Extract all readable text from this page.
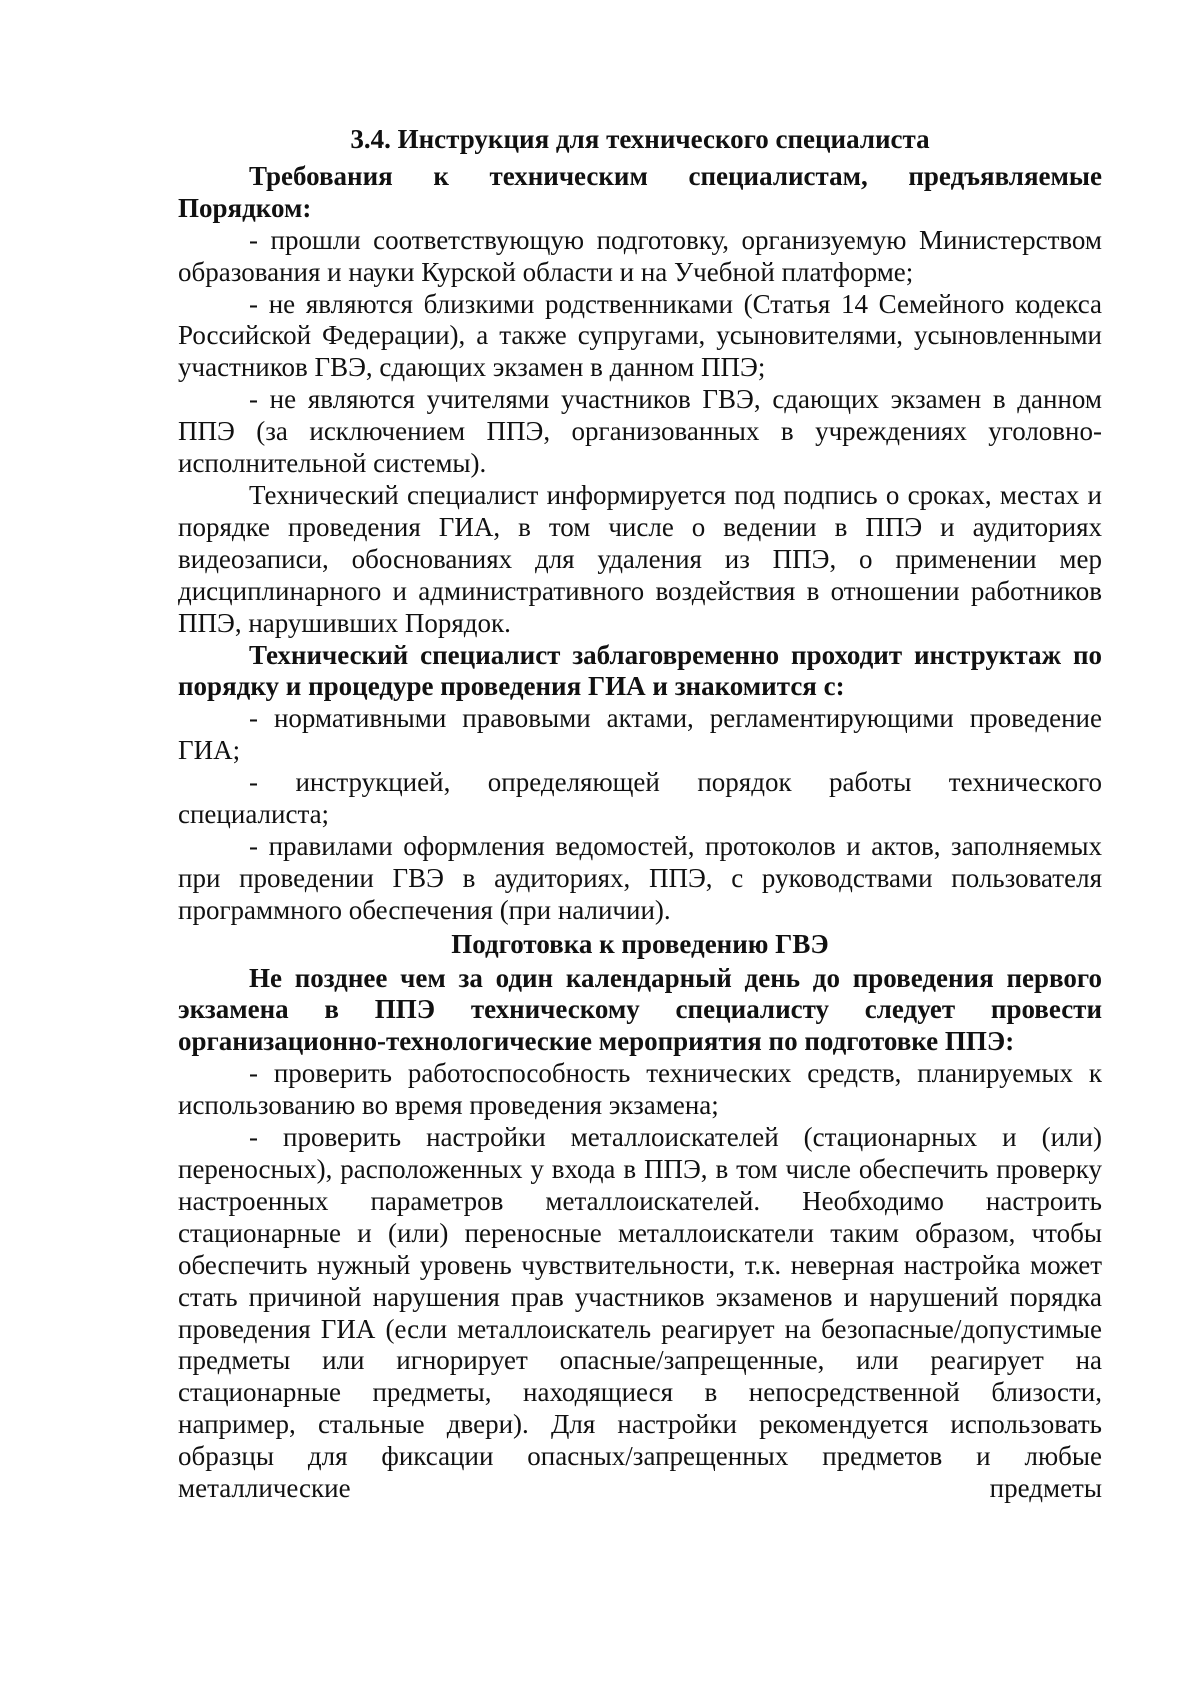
3.4. Инструкция для технического специалиста

Требования к техническим специалистам, предъявляемые Порядком:

- прошли соответствующую подготовку, организуемую Министерством образования и науки Курской области и на Учебной платформе;

- не являются близкими родственниками (Статья 14 Семейного кодекса Российской Федерации), а также супругами, усыновителями, усыновленными участников ГВЭ, сдающих экзамен в данном ППЭ;

- не являются учителями участников ГВЭ, сдающих экзамен в данном ППЭ (за исключением ППЭ, организованных в учреждениях уголовно-исполнительной системы).

Технический специалист информируется под подпись о сроках, местах и порядке проведения ГИА, в том числе о ведении в ППЭ и аудиториях видеозаписи, обоснованиях для удаления из ППЭ, о применении мер дисциплинарного и административного воздействия в отношении работников ППЭ, нарушивших Порядок.

Технический специалист заблаговременно проходит инструктаж по порядку и процедуре проведения ГИА и знакомится с:

- нормативными правовыми актами, регламентирующими проведение ГИА;

- инструкцией, определяющей порядок работы технического специалиста;

- правилами оформления ведомостей, протоколов и актов, заполняемых при проведении ГВЭ в аудиториях, ППЭ, с руководствами пользователя программного обеспечения (при наличии).

Подготовка к проведению ГВЭ

Не позднее чем за один календарный день до проведения первого экзамена в ППЭ техническому специалисту следует провести организационно-технологические мероприятия по подготовке ППЭ:

- проверить работоспособность технических средств, планируемых к использованию во время проведения экзамена;

- проверить настройки металлоискателей (стационарных и (или) переносных), расположенных у входа в ППЭ, в том числе обеспечить проверку настроенных параметров металлоискателей. Необходимо настроить стационарные и (или) переносные металлоискатели таким образом, чтобы обеспечить нужный уровень чувствительности, т.к. неверная настройка может стать причиной нарушения прав участников экзаменов и нарушений порядка проведения ГИА (если металлоискатель реагирует на безопасные/допустимые предметы или игнорирует опасные/запрещенные, или реагирует на стационарные предметы, находящиеся в непосредственной близости, например, стальные двери). Для настройки рекомендуется использовать образцы для фиксации опасных/запрещенных предметов и любые металлические предметы
